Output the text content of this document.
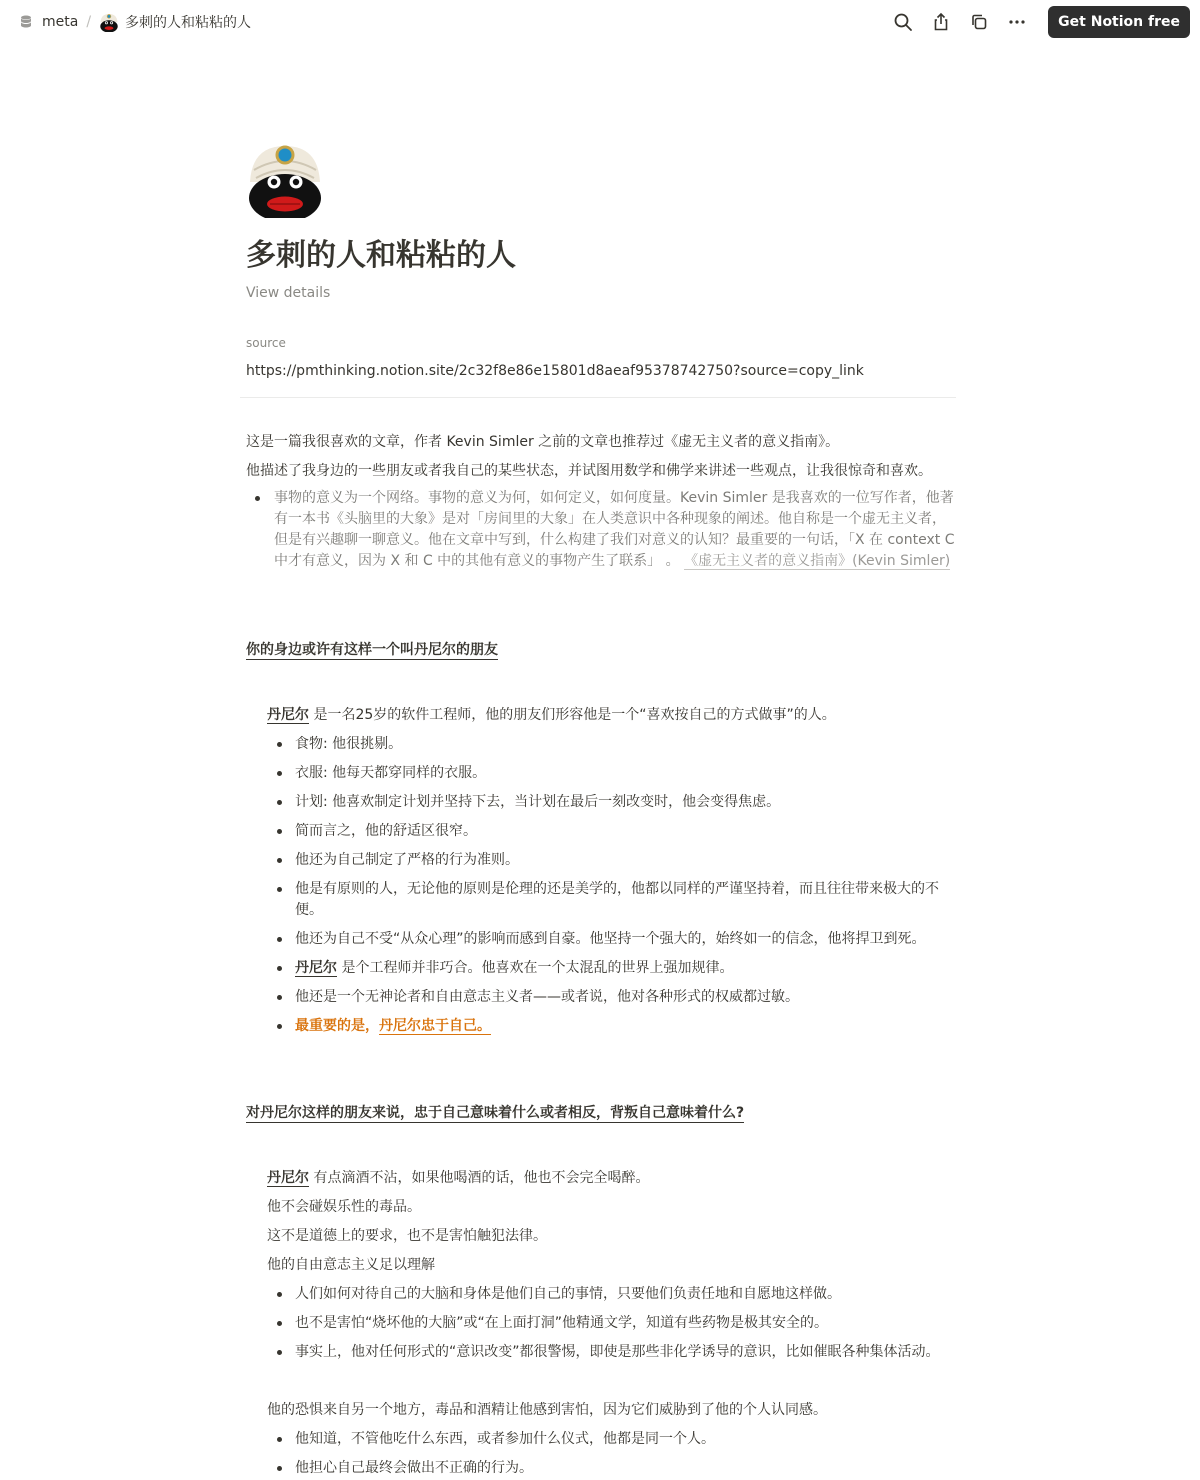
meta / 多刺的人和粘粘的人	Get Notion free
多刺的人和粘粘的人
View details
source
https://pmthinking.notion.site/2c32f8e86e15801d8aeaf95378742750?source=copy_link
这是一篇我很喜欢的文章，作者 Kevin Simler 之前的文章也推荐过《虚无主义者的意义指南》。
他描述了我身边的一些朋友或者我自己的某些状态，并试图用数学和佛学来讲述一些观点，让我很惊奇和喜欢。
事物的意义为一个网络。事物的意义为何，如何定义，如何度量。Kevin Simler 是我喜欢的一位写作者，他著有一本书《头脑里的大象》是对「房间里的大象」在人类意识中各种现象的阐述。他自称是一个虚无主义者，但是有兴趣聊一聊意义。他在文章中写到，什么构建了我们对意义的认知？最重要的一句话，「X 在 context C 中才有意义，因为 X 和 C 中的其他有意义的事物产生了联系」 。 《虚无主义者的意义指南》(Kevin Simler)
你的身边或许有这样一个叫丹尼尔的朋友
丹尼尔 是一名25岁的软件工程师，他的朋友们形容他是一个“喜欢按自己的方式做事”的人。
食物: 他很挑剔。
衣服: 他每天都穿同样的衣服。
计划: 他喜欢制定计划并坚持下去，当计划在最后一刻改变时，他会变得焦虑。
简而言之，他的舒适区很窄。
他还为自己制定了严格的行为准则。
他是有原则的人，无论他的原则是伦理的还是美学的，他都以同样的严谨坚持着，而且往往带来极大的不便。
他还为自己不受“从众心理”的影响而感到自豪。他坚持一个强大的，始终如一的信念，他将捍卫到死。
丹尼尔 是个工程师并非巧合。他喜欢在一个太混乱的世界上强加规律。
他还是一个无神论者和自由意志主义者——或者说，他对各种形式的权威都过敏。
最重要的是，丹尼尔忠于自己。
对丹尼尔这样的朋友来说，忠于自己意味着什么或者相反，背叛自己意味着什么?
丹尼尔 有点滴酒不沾，如果他喝酒的话，他也不会完全喝醉。
他不会碰娱乐性的毒品。
这不是道德上的要求，也不是害怕触犯法律。
他的自由意志主义足以理解
人们如何对待自己的大脑和身体是他们自己的事情，只要他们负责任地和自愿地这样做。
也不是害怕“烧坏他的大脑”或“在上面打洞”他精通文学，知道有些药物是极其安全的。
事实上，他对任何形式的“意识改变”都很警惕，即使是那些非化学诱导的意识，比如催眠各种集体活动。
他的恐惧来自另一个地方，毒品和酒精让他感到害怕，因为它们威胁到了他的个人认同感。
他知道，不管他吃什么东西，或者参加什么仪式，他都是同一个人。
他担心自己最终会做出不正确的行为。
